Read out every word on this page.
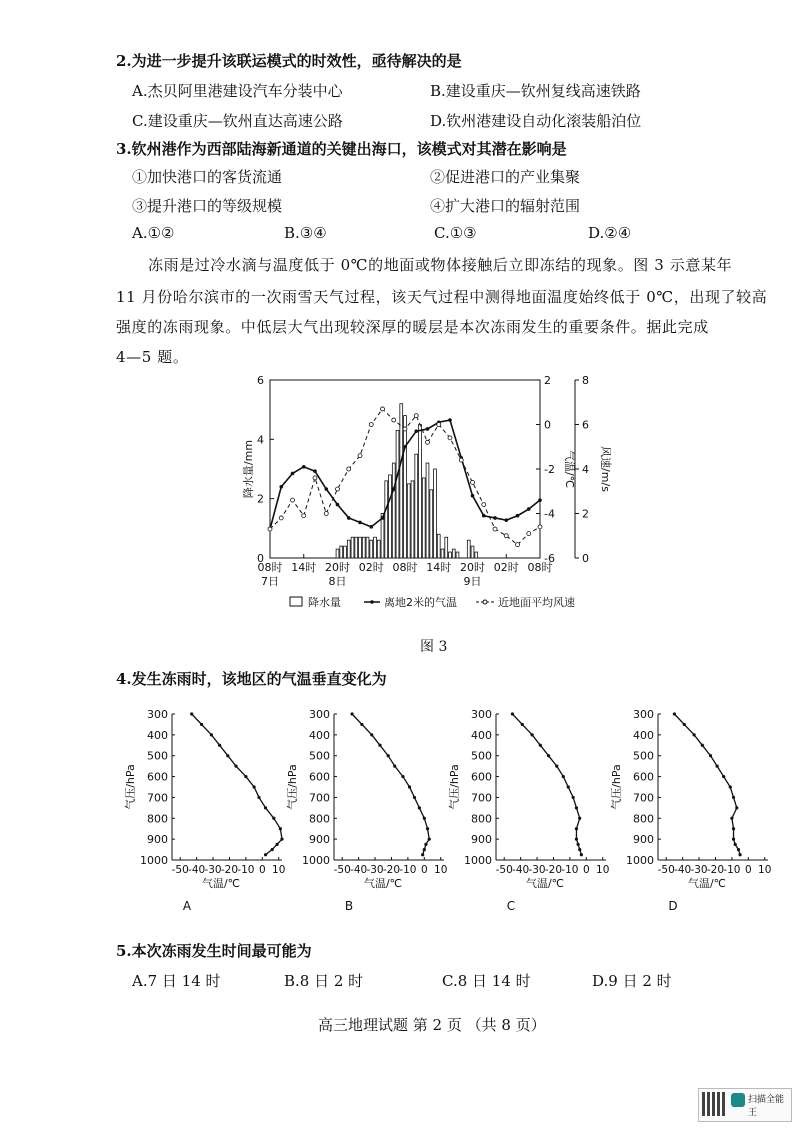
2.为进一步提升该联运模式的时效性，亟待解决的是
A.杰贝阿里港建设汽车分装中心	B.建设重庆—钦州复线高速铁路
C.建设重庆—钦州直达高速公路	D.钦州港建设自动化滚装船泊位
3.钦州港作为西部陆海新通道的关键出海口，该模式对其潜在影响是
①加快港口的客货流通	②促进港口的产业集聚
③提升港口的等级规模	④扩大港口的辐射范围
A.①②	B.③④	C.①③	D.②④
冻雨是过冷水滴与温度低于 0℃的地面或物体接触后立即冻结的现象。图 3 示意某年
11 月份哈尔滨市的一次雨雪天气过程，该天气过程中测得地面温度始终低于 0℃，出现了较高
强度的冻雨现象。中低层大气出现较深厚的暖层是本次冻雨发生的重要条件。据此完成
4—5 题。
0
2
4
6
降水量/mm
-6
-4
-2
0
2
气温/℃
0
2
4
6
8
风速/m/s
08时 14时 20时 02时 08时 14时 20时 02时 08时
7日	8日	9日
降水量	离地2米的气温	近地面平均风速
图 3
4.发生冻雨时，该地区的气温垂直变化为
300
400
500
600
700
800
900
1000
-50 -40 -30 -20 -10 0 10
气压/hPa
气温/℃
A
300
400
500
600
700
800
900
1000
-50 -40 -30 -20 -10 0 10
气压/hPa
气温/℃
B
300
400
500
600
700
800
900
1000
-50 -40 -30 -20 -10 0 10
气压/hPa
气温/℃
C
300
400
500
600
700
800
900
1000
-50 -40 -30 -20 -10 0 10
气压/hPa
气温/℃
D
5.本次冻雨发生时间最可能为
A.7 日 14 时	B.8 日 2 时	C.8 日 14 时	D.9 日 2 时
高三地理试题 第 2 页 （共 8 页）
扫描全能王
